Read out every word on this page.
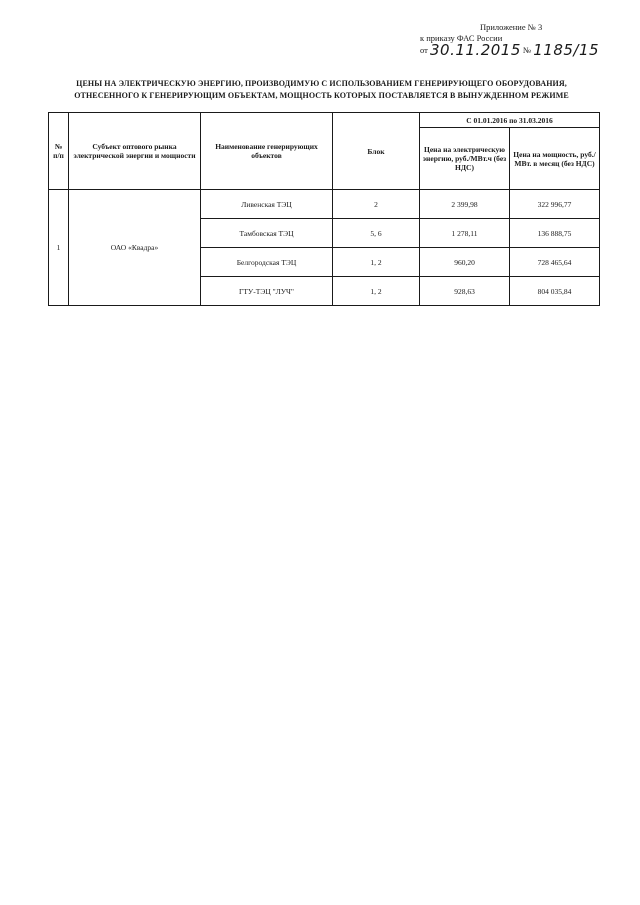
Приложение № 3
к приказу ФАС России
от 30.11.2015 № 1185/15
ЦЕНЫ НА ЭЛЕКТРИЧЕСКУЮ ЭНЕРГИЮ, ПРОИЗВОДИМУЮ С ИСПОЛЬЗОВАНИЕМ ГЕНЕРИРУЮЩЕГО ОБОРУДОВАНИЯ,
ОТНЕСЕННОГО К ГЕНЕРИРУЮЩИМ ОБЪЕКТАМ, МОЩНОСТЬ КОТОРЫХ ПОСТАВЛЯЕТСЯ В ВЫНУЖДЕННОМ РЕЖИМЕ
№ п/п	Субъект оптового рынка электрической энергии и мощности	Наименование генерирующих объектов	Блок	С 01.01.2016 по 31.03.2016	
				Цена на электрическую энергию, руб./МВт.ч (без НДС)	Цена на мощность, руб./МВт. в месяц (без НДС)
1	ОАО «Квадра»	Ливенская ТЭЦ	2	2 399,98	322 996,77
		Тамбовская ТЭЦ	5, 6	1 278,11	136 888,75
		Белгородская ТЭЦ	1, 2	960,20	728 465,64
		ГТУ-ТЭЦ "ЛУЧ"	1, 2	928,63	804 035,84
